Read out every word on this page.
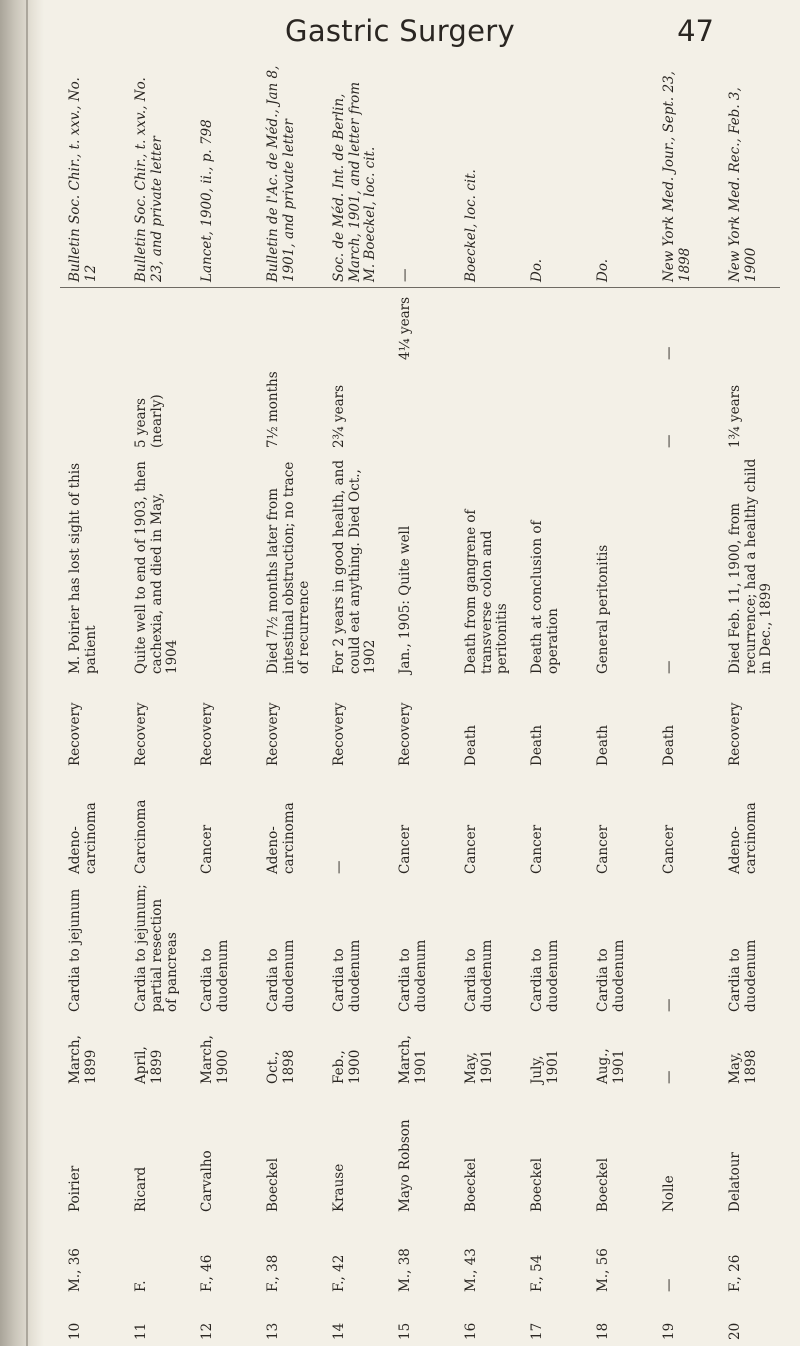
Gastric Surgery	47
10
M., 36
Poirier
March, 1899
Cardia to jejunum
Adeno-carcinoma
Recovery
M. Poirier has lost sight of this patient
Bulletin Soc. Chir., t. xxv., No. 12
11
F.
Ricard
April, 1899
Cardia to jejunum; partial resection of pancreas
Carcinoma
Recovery
Quite well to end of 1903, then cachexia, and died in May, 1904
5 years (nearly)
Bulletin Soc. Chir., t. xxv., No. 23, and private letter
12
F., 46
Carvalho
March, 1900
Cardia to duodenum
Cancer
Recovery
Lancet, 1900, ii., p. 798
13
F., 38
Boeckel
Oct., 1898
Cardia to duodenum
Adeno-carcinoma
Recovery
Died 7½ months later from intestinal obstruction; no trace of recurrence
7½ months
Bulletin de l'Ac. de Méd., Jan 8, 1901, and private letter
14
F., 42
Krause
Feb., 1900
Cardia to duodenum
—
Recovery
For 2 years in good health, and could eat anything. Died Oct., 1902
2¾ years
Soc. de Méd. Int. de Berlin, March, 1901, and letter from M. Boeckel, loc. cit.
15
M., 38
Mayo Robson
March, 1901
Cardia to duodenum
Cancer
Recovery
Jan., 1905: Quite well
4¼ years
—
16
M., 43
Boeckel
May, 1901
Cardia to duodenum
Cancer
Death
Death from gangrene of transverse colon and peritonitis
Boeckel, loc. cit.
17
F., 54
Boeckel
July, 1901
Cardia to duodenum
Cancer
Death
Death at conclusion of operation
Do.
18
M., 56
Boeckel
Aug., 1901
Cardia to duodenum
Cancer
Death
General peritonitis
Do.
19
—
Nolle
—
—
Cancer
Death
—
—
—
New York Med. Jour., Sept. 23, 1898
20
F., 26
Delatour
May, 1898
Cardia to duodenum
Adeno-carcinoma
Recovery
Died Feb. 11, 1900, from recurrence; had a healthy child in Dec., 1899
1¾ years
New York Med. Rec., Feb. 3, 1900
